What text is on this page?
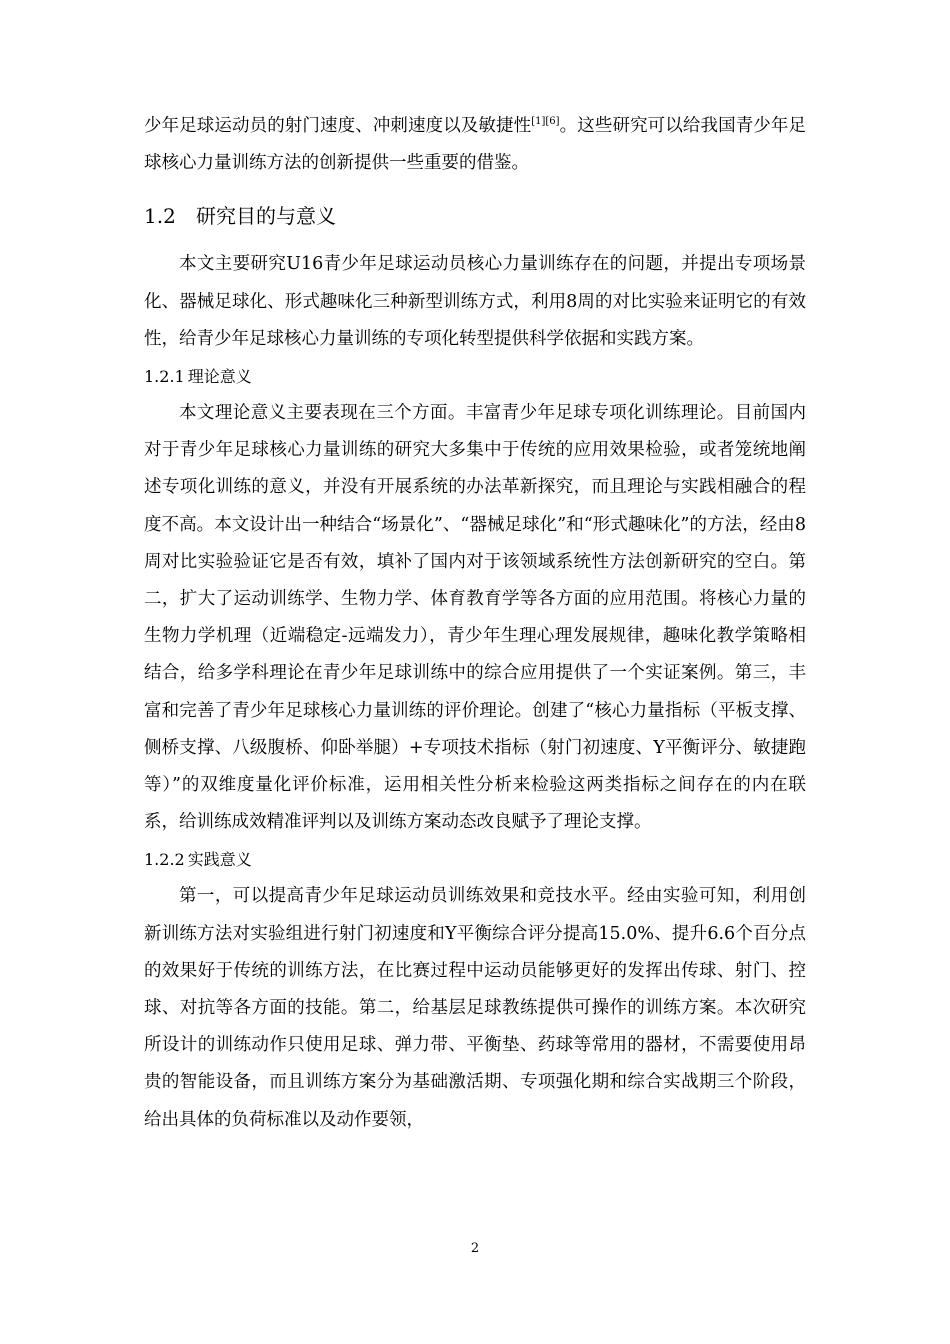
少年足球运动员的射门速度、冲刺速度以及敏捷性[1][6]。这些研究可以给我国青少年足球核心力量训练方法的创新提供一些重要的借鉴。

1.2	研究目的与意义

本文主要研究U16青少年足球运动员核心力量训练存在的问题，并提出专项场景化、器械足球化、形式趣味化三种新型训练方式，利用8周的对比实验来证明它的有效性，给青少年足球核心力量训练的专项化转型提供科学依据和实践方案。

1.2.1 理论意义

本文理论意义主要表现在三个方面。丰富青少年足球专项化训练理论。目前国内对于青少年足球核心力量训练的研究大多集中于传统的应用效果检验，或者笼统地阐述专项化训练的意义，并没有开展系统的办法革新探究，而且理论与实践相融合的程度不高。本文设计出一种结合“场景化”、“器械足球化”和“形式趣味化”的方法，经由8周对比实验验证它是否有效，填补了国内对于该领域系统性方法创新研究的空白。第二，扩大了运动训练学、生物力学、体育教育学等各方面的应用范围。将核心力量的生物力学机理（近端稳定-远端发力），青少年生理心理发展规律，趣味化教学策略相结合，给多学科理论在青少年足球训练中的综合应用提供了一个实证案例。第三，丰富和完善了青少年足球核心力量训练的评价理论。创建了“核心力量指标（平板支撑、侧桥支撑、八级腹桥、仰卧举腿）+专项技术指标（射门初速度、Y平衡评分、敏捷跑等）”的双维度量化评价标准，运用相关性分析来检验这两类指标之间存在的内在联系，给训练成效精准评判以及训练方案动态改良赋予了理论支撑。

1.2.2 实践意义

第一，可以提高青少年足球运动员训练效果和竞技水平。经由实验可知，利用创新训练方法对实验组进行射门初速度和Y平衡综合评分提高15.0%、提升6.6个百分点的效果好于传统的训练方法，在比赛过程中运动员能够更好的发挥出传球、射门、控球、对抗等各方面的技能。第二，给基层足球教练提供可操作的训练方案。本次研究所设计的训练动作只使用足球、弹力带、平衡垫、药球等常用的器材，不需要使用昂贵的智能设备，而且训练方案分为基础激活期、专项强化期和综合实战期三个阶段，给出具体的负荷标准以及动作要领，

2
